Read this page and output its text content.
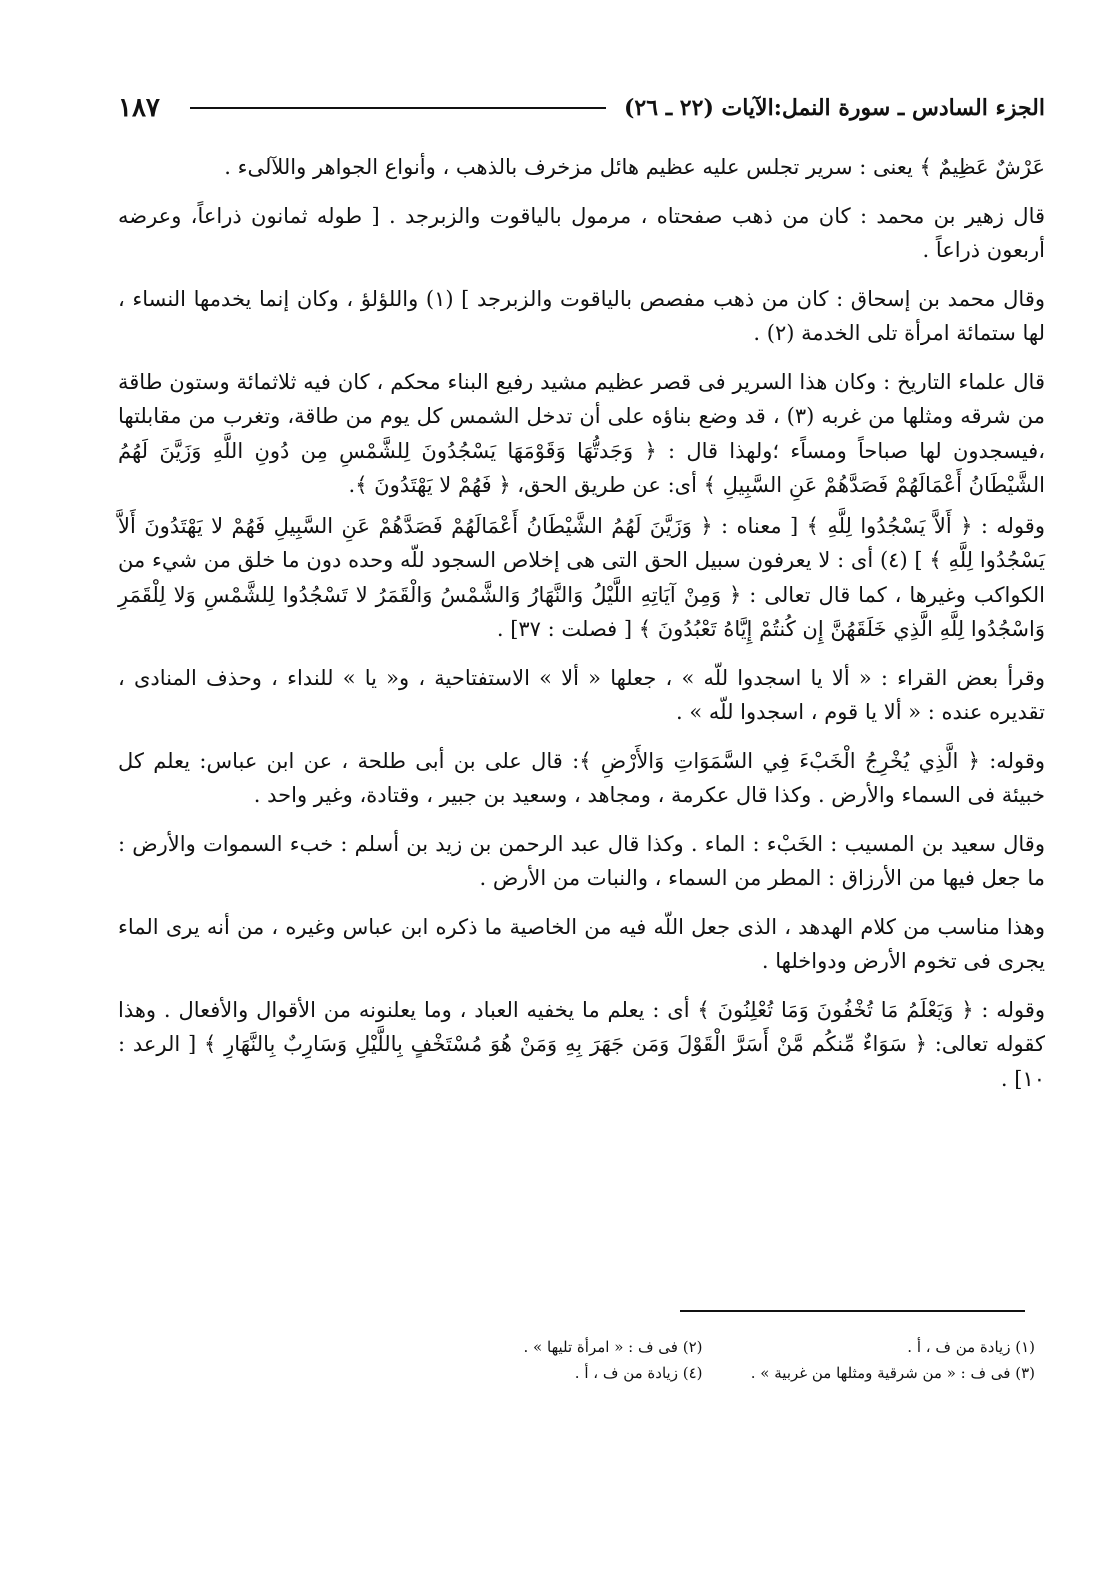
١٨٧	الجزء السادس ـ سورة النمل:الآيات (٢٢ ـ ٢٦)

عَرْشٌ عَظِيمٌ ﴾ يعنى : سرير تجلس عليه عظيم هائل مزخرف بالذهب ، وأنواع الجواهر واللآلىء .

قال زهير بن محمد : كان من ذهب صفحتاه ، مرمول بالياقوت والزبرجد . [ طوله ثمانون ذراعاً، وعرضه أربعون ذراعاً .

وقال محمد بن إسحاق : كان من ذهب مفصص بالياقوت والزبرجد ] (١) واللؤلؤ ، وكان إنما يخدمها النساء ، لها ستمائة امرأة تلى الخدمة (٢) .

قال علماء التاريخ : وكان هذا السرير فى قصر عظيم مشيد رفيع البناء محكم ، كان فيه ثلاثمائة وستون طاقة من شرقه ومثلها من غربه (٣) ، قد وضع بناؤه على أن تدخل الشمس كل يوم من طاقة، وتغرب من مقابلتها ،فيسجدون لها صباحاً ومساًء ؛ولهذا قال : ﴿ وَجَدتُّهَا وَقَوْمَهَا يَسْجُدُونَ لِلشَّمْسِ مِن دُونِ اللَّهِ وَزَيَّنَ لَهُمُ الشَّيْطَانُ أَعْمَالَهُمْ فَصَدَّهُمْ عَنِ السَّبِيلِ ﴾ أى: عن طريق الحق، ﴿ فَهُمْ لا يَهْتَدُونَ ﴾.

وقوله : ﴿ أَلاَّ يَسْجُدُوا لِلَّهِ ﴾ [ معناه : ﴿ وَزَيَّنَ لَهُمُ الشَّيْطَانُ أَعْمَالَهُمْ فَصَدَّهُمْ عَنِ السَّبِيلِ فَهُمْ لا يَهْتَدُونَ أَلاَّ يَسْجُدُوا لِلَّهِ ﴾ ] (٤) أى : لا يعرفون سبيل الحق التى هى إخلاص السجود للّه وحده دون ما خلق من شيء من الكواكب وغيرها ، كما قال تعالى : ﴿ وَمِنْ آيَاتِهِ اللَّيْلُ وَالنَّهَارُ وَالشَّمْسُ وَالْقَمَرُ لا تَسْجُدُوا لِلشَّمْسِ وَلا لِلْقَمَرِ وَاسْجُدُوا لِلَّهِ الَّذِي خَلَقَهُنَّ إِن كُنتُمْ إِيَّاهُ تَعْبُدُونَ ﴾ [ فصلت : ٣٧] .

وقرأ بعض القراء : « ألا يا اسجدوا للّه » ، جعلها « ألا » الاستفتاحية ، و« يا » للنداء ، وحذف المنادى ، تقديره عنده : « ألا يا قوم ، اسجدوا للّه » .

وقوله: ﴿ الَّذِي يُخْرِجُ الْخَبْءَ فِي السَّمَوَاتِ وَالأَرْضِ ﴾: قال على بن أبى طلحة ، عن ابن عباس: يعلم كل خبيئة فى السماء والأرض . وكذا قال عكرمة ، ومجاهد ، وسعيد بن جبير ، وقتادة، وغير واحد .

وقال سعيد بن المسيب : الخَبْء : الماء . وكذا قال عبد الرحمن بن زيد بن أسلم : خبء السموات والأرض : ما جعل فيها من الأرزاق : المطر من السماء ، والنبات من الأرض .

وهذا مناسب من كلام الهدهد ، الذى جعل اللّه فيه من الخاصية ما ذكره ابن عباس وغيره ، من أنه يرى الماء يجرى فى تخوم الأرض ودواخلها .

وقوله : ﴿ وَيَعْلَمُ مَا تُخْفُونَ وَمَا تُعْلِنُونَ ﴾ أى : يعلم ما يخفيه العباد ، وما يعلنونه من الأقوال والأفعال . وهذا كقوله تعالى: ﴿ سَوَاءٌ مِّنكُم مَّنْ أَسَرَّ الْقَوْلَ وَمَن جَهَرَ بِهِ وَمَنْ هُوَ مُسْتَخْفٍ بِاللَّيْلِ وَسَارِبٌ بِالنَّهَارِ ﴾ [ الرعد : ١٠] .

(١) زيادة من ف ، أ .
(٢) فى ف : « امرأة تليها » .
(٣) فى ف : « من شرقية ومثلها من غربية » .
(٤) زيادة من ف ، أ .
